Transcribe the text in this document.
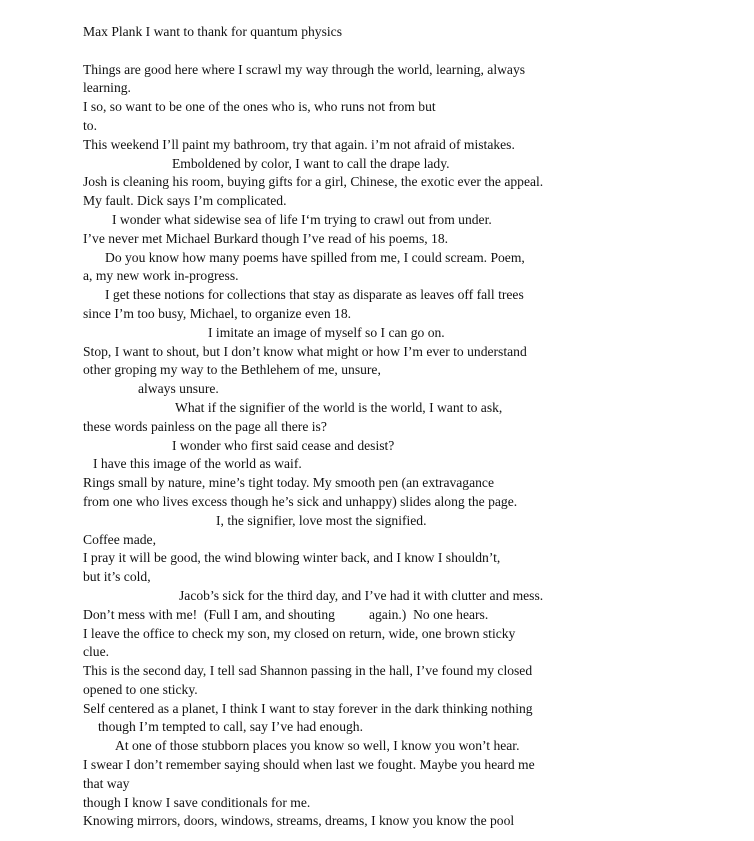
Max Plank I want to thank for quantum physics
Things are good here where I scrawl my way through the world, learning, always
learning.
I so, so want to be one of the ones who is, who runs not from but
to.
This weekend I’ll paint my bathroom, try that again. i’m not afraid of mistakes.
Emboldened by color, I want to call the drape lady.
Josh is cleaning his room, buying gifts for a girl, Chinese, the exotic ever the appeal.
My fault. Dick says I’m complicated.
I wonder what sidewise sea of life I‘m trying to crawl out from under.
I’ve never met Michael Burkard though I’ve read of his poems, 18.
Do you know how many poems have spilled from me, I could scream. Poem,
a, my new work in-progress.
I get these notions for collections that stay as disparate as leaves off fall trees
since I’m too busy, Michael, to organize even 18.
I imitate an image of myself so I can go on.
Stop, I want to shout, but I don’t know what might or how I’m ever to understand
other groping my way to the Bethlehem of me, unsure,
always unsure.
What if the signifier of the world is the world, I want to ask,
these words painless on the page all there is?
I wonder who first said cease and desist?
I have this image of the world as waif.
Rings small by nature, mine’s tight today. My smooth pen (an extravagance
from one who lives excess though he’s sick and unhappy) slides along the page.
I, the signifier, love most the signified.
Coffee made,
I pray it will be good, the wind blowing winter back, and I know I shouldn’t,
but it’s cold,
Jacob’s sick for the third day, and I’ve had it with clutter and mess.
Don’t mess with me!  (Full I am, and shouting          again.)  No one hears.
I leave the office to check my son, my closed on return, wide, one brown sticky
clue.
This is the second day, I tell sad Shannon passing in the hall, I’ve found my closed
opened to one sticky.
Self centered as a planet, I think I want to stay forever in the dark thinking nothing
though I’m tempted to call, say I’ve had enough.
At one of those stubborn places you know so well, I know you won’t hear.
I swear I don’t remember saying should when last we fought. Maybe you heard me
that way
though I know I save conditionals for me.
Knowing mirrors, doors, windows, streams, dreams, I know you know the pool
